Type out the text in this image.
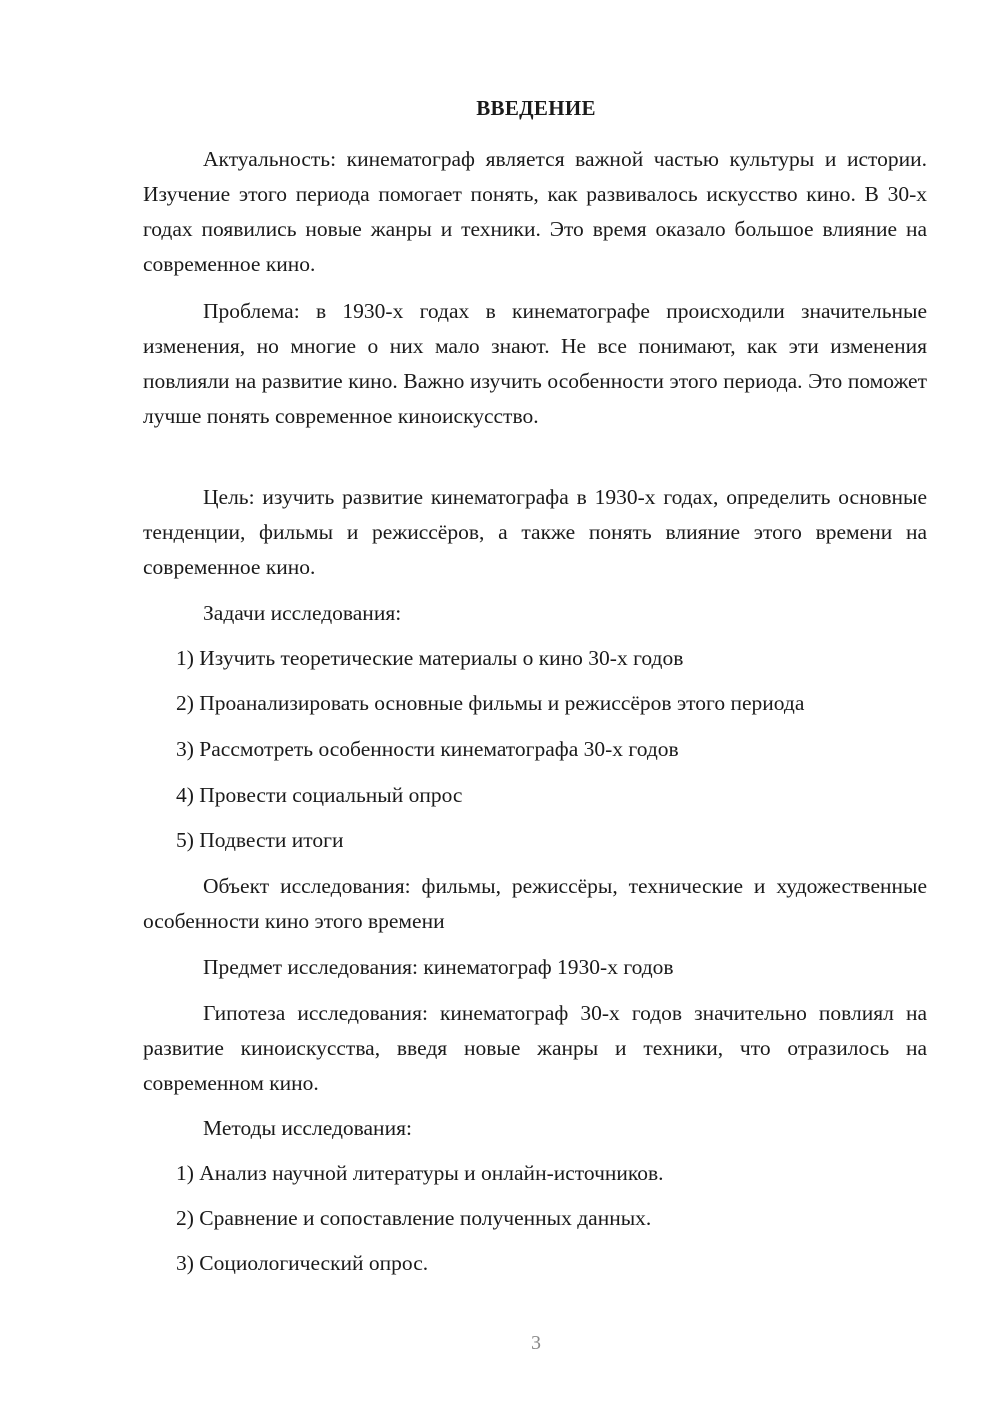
ВВЕДЕНИЕ

Актуальность: кинематограф является важной частью культуры и истории. Изучение этого периода помогает понять, как развивалось искусство кино. В 30-х годах появились новые жанры и техники. Это время оказало большое влияние на современное кино.

Проблема: в 1930-х годах в кинематографе происходили значительные изменения, но многие о них мало знают. Не все понимают, как эти изменения повлияли на развитие кино. Важно изучить особенности этого периода. Это поможет лучше понять современное киноискусство.

Цель: изучить развитие кинематографа в 1930-х годах, определить основные тенденции, фильмы и режиссёров, а также понять влияние этого времени на современное кино.

Задачи исследования:

1) Изучить теоретические материалы о кино 30-х годов

2) Проанализировать основные фильмы и режиссёров этого периода

3) Рассмотреть особенности кинематографа 30-х годов

4) Провести социальный опрос

5) Подвести итоги

Объект исследования: фильмы, режиссёры, технические и художественные особенности кино этого времени

Предмет исследования: кинематограф 1930-х годов

Гипотеза исследования: кинематограф 30-х годов значительно повлиял на развитие киноискусства, введя новые жанры и техники, что отразилось на современном кино.

Методы исследования:

1) Анализ научной литературы и онлайн-источников.

2) Сравнение и сопоставление полученных данных.

3) Социологический опрос.

3
